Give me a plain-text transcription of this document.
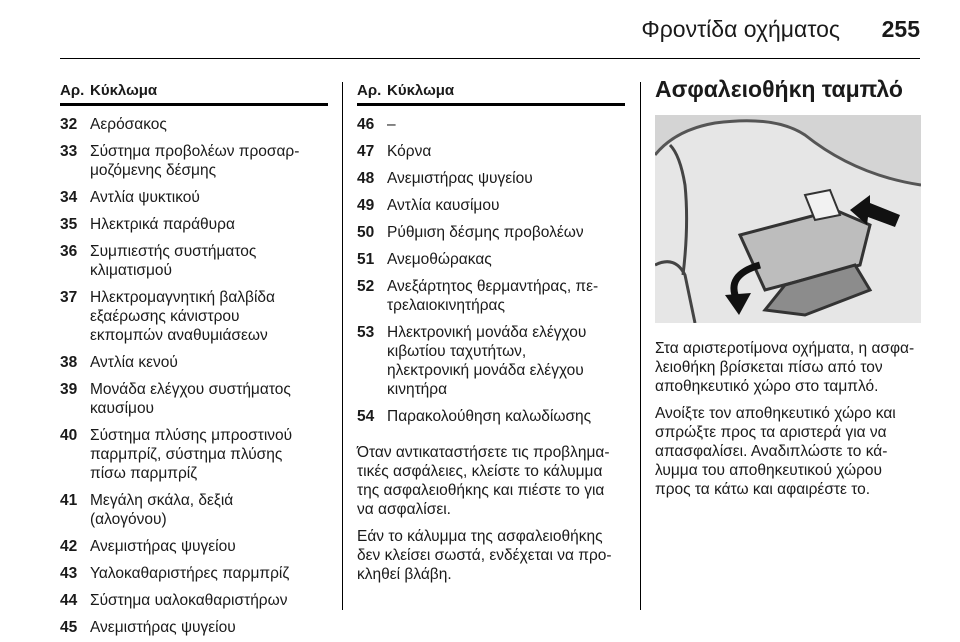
Φροντίδα οχήματος 255
Αρ. Κύκλωμα
32 Αερόσακος
33 Σύστημα προβολέων προσαρ-
μοζόμενης δέσμης
34 Αντλία ψυκτικού
35 Ηλεκτρικά παράθυρα
36 Συμπιεστής συστήματος
κλιματισμού
37 Ηλεκτρομαγνητική βαλβίδα
εξαέρωσης κάνιστρου
εκπομπών αναθυμιάσεων
38 Αντλία κενού
39 Μονάδα ελέγχου συστήματος
καυσίμου
40 Σύστημα πλύσης μπροστινού
παρμπρίζ, σύστημα πλύσης
πίσω παρμπρίζ
41 Μεγάλη σκάλα, δεξιά
(αλογόνου)
42 Ανεμιστήρας ψυγείου
43 Υαλοκαθαριστήρες παρμπρίζ
44 Σύστημα υαλοκαθαριστήρων
45 Ανεμιστήρας ψυγείου
Αρ. Κύκλωμα
46 –
47 Κόρνα
48 Ανεμιστήρας ψυγείου
49 Αντλία καυσίμου
50 Ρύθμιση δέσμης προβολέων
51 Ανεμοθώρακας
52 Ανεξάρτητος θερμαντήρας, πε-
τρελαιοκινητήρας
53 Ηλεκτρονική μονάδα ελέγχου
κιβωτίου ταχυτήτων,
ηλεκτρονική μονάδα ελέγχου
κινητήρα
54 Παρακολούθηση καλωδίωσης
Όταν αντικαταστήσετε τις προβλημα-
τικές ασφάλειες, κλείστε το κάλυμμα
της ασφαλειοθήκης και πιέστε το για
να ασφαλίσει.
Εάν το κάλυμμα της ασφαλειοθήκης
δεν κλείσει σωστά, ενδέχεται να προ-
κληθεί βλάβη.
Ασφαλειοθήκη ταμπλό
Στα αριστεροτίμονα οχήματα, η ασφα-
λειοθήκη βρίσκεται πίσω από τον
αποθηκευτικό χώρο στο ταμπλό.
Ανοίξτε τον αποθηκευτικό χώρο και
σπρώξτε προς τα αριστερά για να
απασφαλίσει. Αναδιπλώστε το κά-
λυμμα του αποθηκευτικού χώρου
προς τα κάτω και αφαιρέστε το.
